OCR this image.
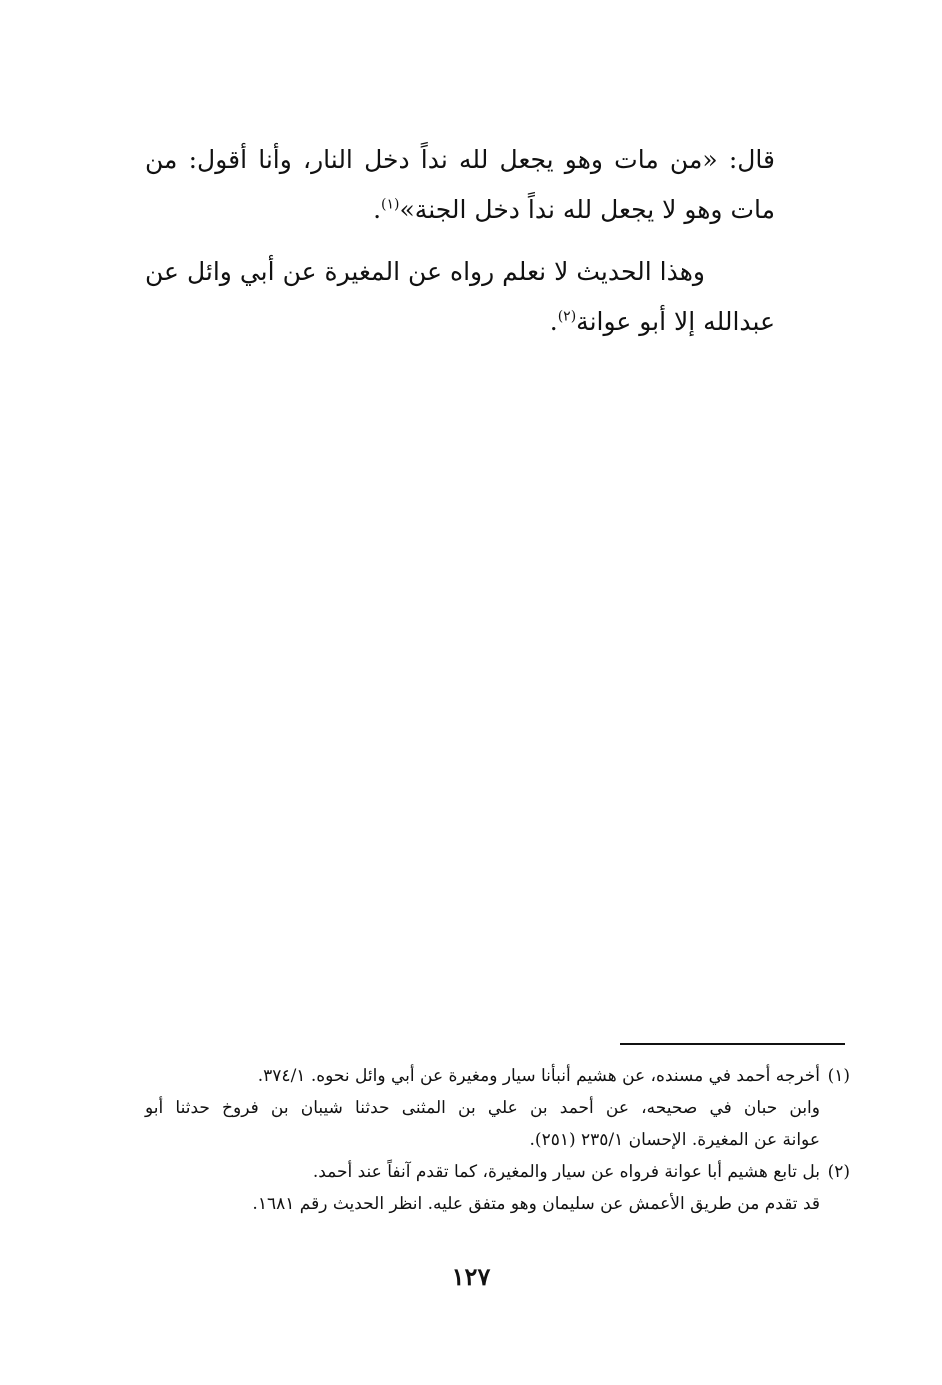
قال: «من مات وهو يجعل لله نداً دخل النار، وأنا أقول: من مات وهو لا يجعل لله نداً دخل الجنة»$^{(١)}$.

وهذا الحديث لا نعلم رواه عن المغيرة عن أبي وائل عن عبدالله إلا أبو عوانة$^{(٢)}$.

(١)أخرجه أحمد في مسنده، عن هشيم أنبأنا سيار ومغيرة عن أبي وائل نحوه. ٣٧٤/١.

وابن حبان في صحيحه، عن أحمد بن علي بن المثنى حدثنا شيبان بن فروخ حدثنا أبو

عوانة عن المغيرة. الإحسان ٢٣٥/١ (٢٥١).

(٢)بل تابع هشيم أبا عوانة فرواه عن سيار والمغيرة، كما تقدم آنفاً عند أحمد.

قد تقدم من طريق الأعمش عن سليمان وهو متفق عليه. انظر الحديث رقم ١٦٨١.

١٢٧
